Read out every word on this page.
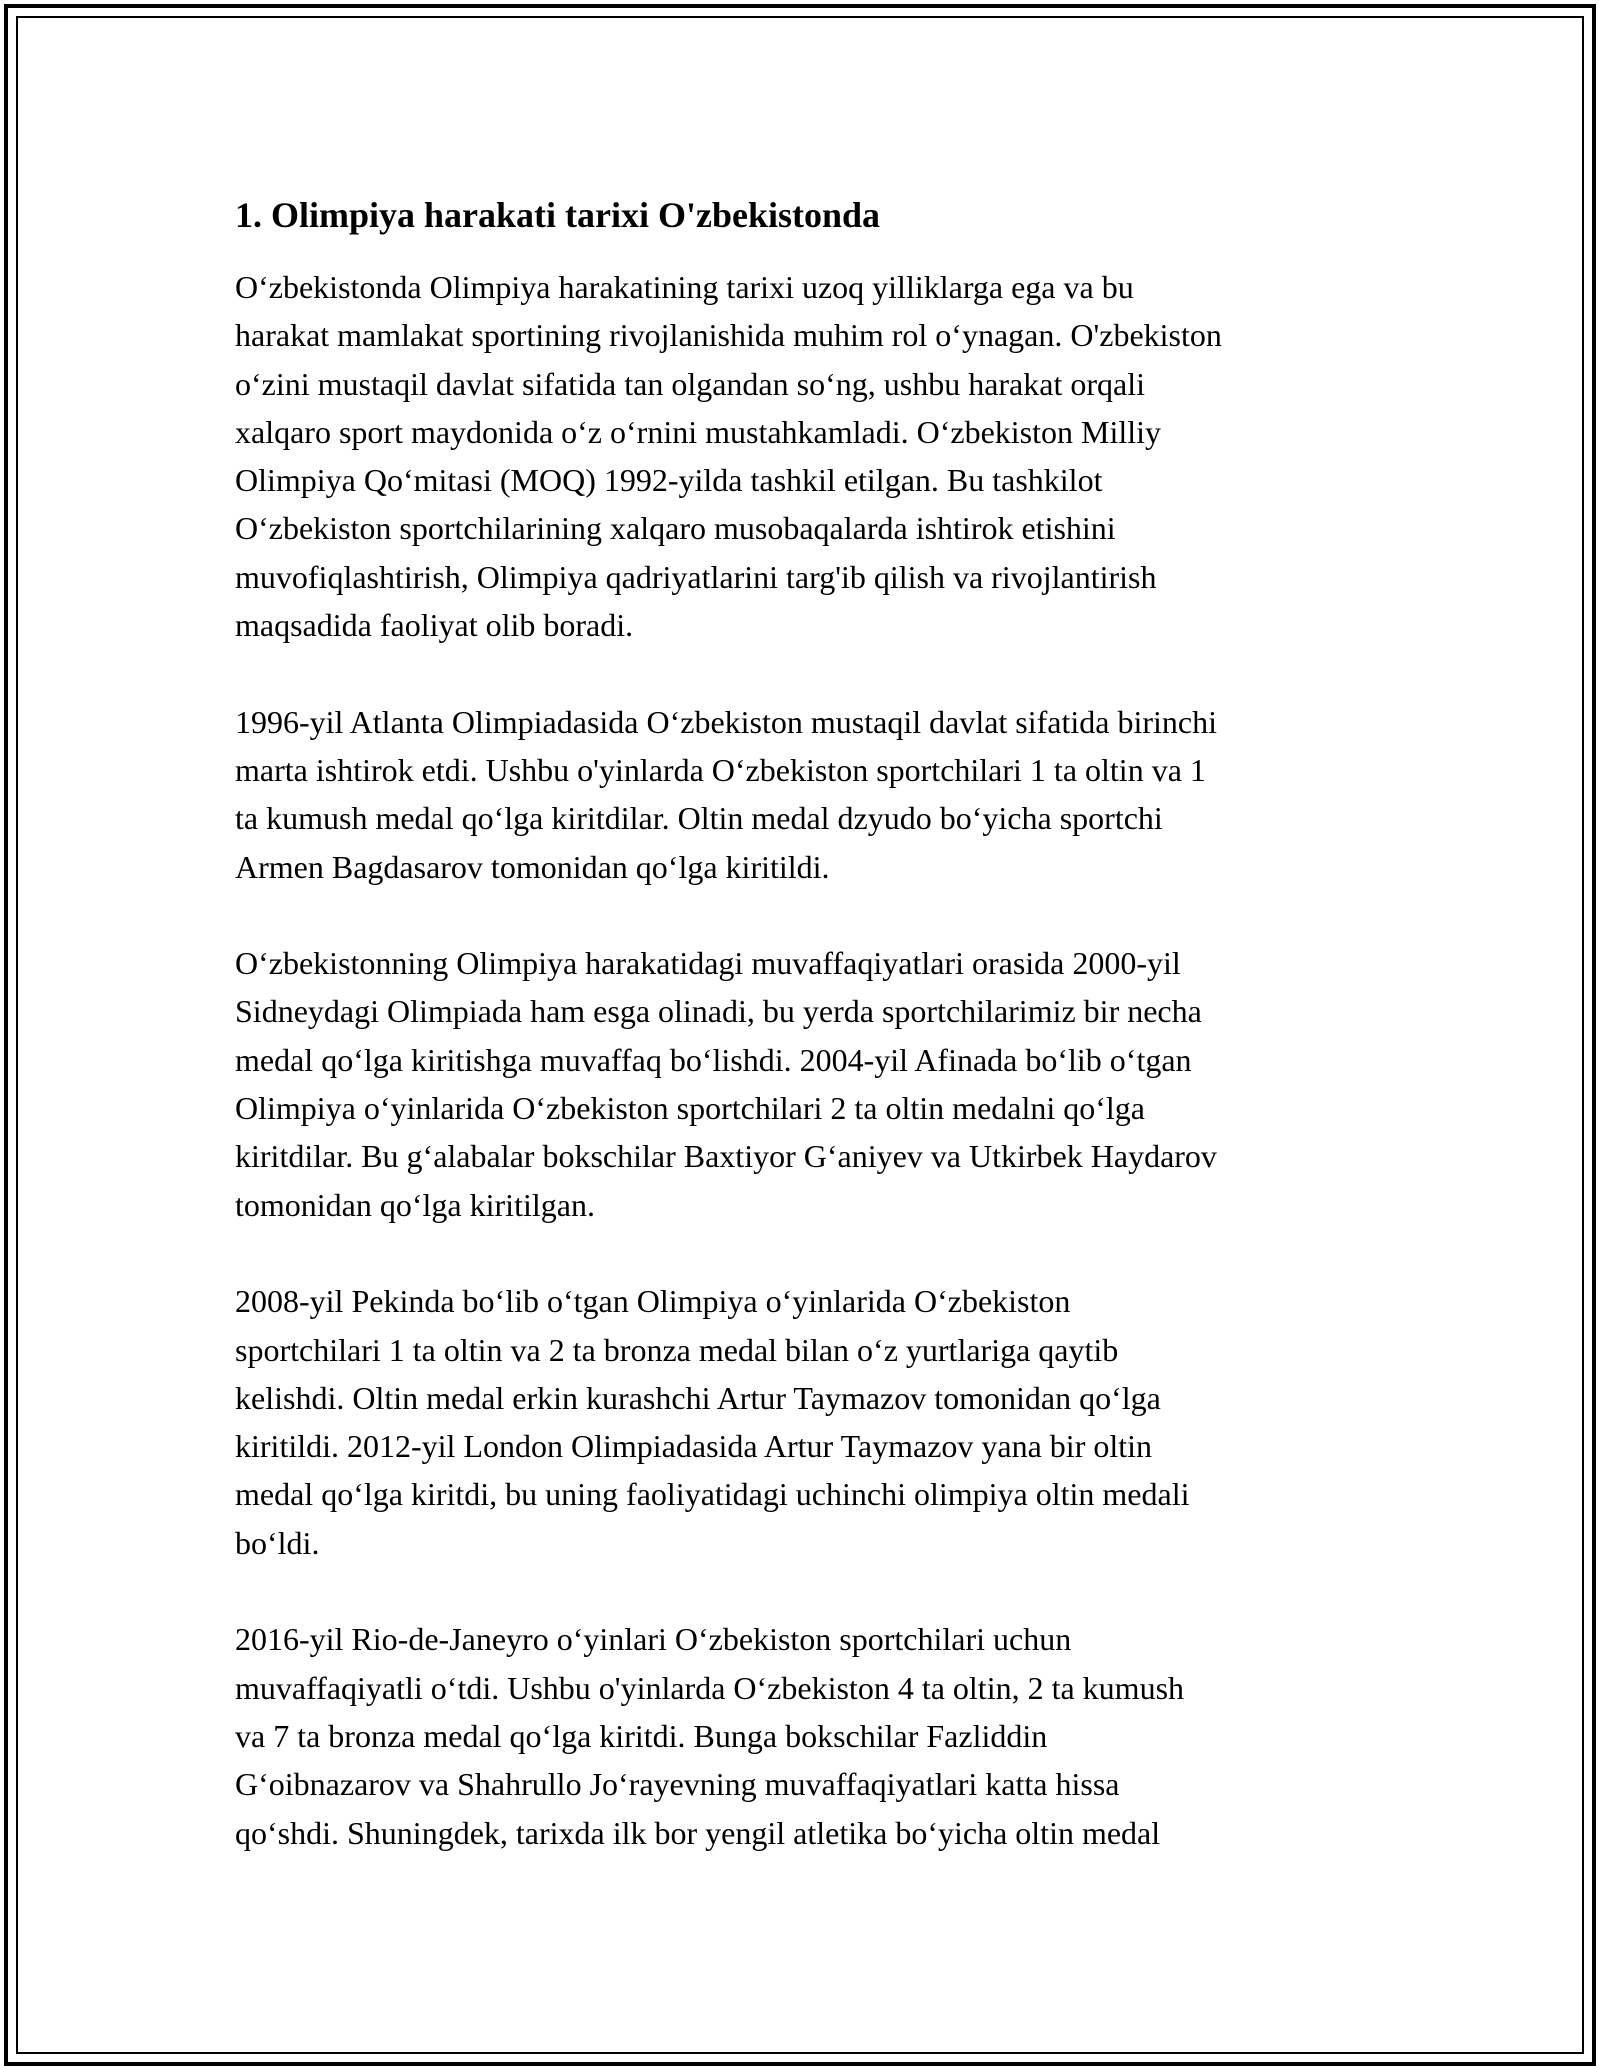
1. Olimpiya harakati tarixi O'zbekistonda

O‘zbekistonda Olimpiya harakatining tarixi uzoq yilliklarga ega va bu
harakat mamlakat sportining rivojlanishida muhim rol o‘ynagan. O'zbekiston
o‘zini mustaqil davlat sifatida tan olgandan so‘ng, ushbu harakat orqali
xalqaro sport maydonida o‘z o‘rnini mustahkamladi. O‘zbekiston Milliy
Olimpiya Qo‘mitasi (MOQ) 1992-yilda tashkil etilgan. Bu tashkilot
O‘zbekiston sportchilarining xalqaro musobaqalarda ishtirok etishini
muvofiqlashtirish, Olimpiya qadriyatlarini targ'ib qilish va rivojlantirish
maqsadida faoliyat olib boradi.

1996-yil Atlanta Olimpiadasida O‘zbekiston mustaqil davlat sifatida birinchi
marta ishtirok etdi. Ushbu o'yinlarda O‘zbekiston sportchilari 1 ta oltin va 1
ta kumush medal qo‘lga kiritdilar. Oltin medal dzyudo bo‘yicha sportchi
Armen Bagdasarov tomonidan qo‘lga kiritildi.

O‘zbekistonning Olimpiya harakatidagi muvaffaqiyatlari orasida 2000-yil
Sidneydagi Olimpiada ham esga olinadi, bu yerda sportchilarimiz bir necha
medal qo‘lga kiritishga muvaffaq bo‘lishdi. 2004-yil Afinada bo‘lib o‘tgan
Olimpiya o‘yinlarida O‘zbekiston sportchilari 2 ta oltin medalni qo‘lga
kiritdilar. Bu g‘alabalar bokschilar Baxtiyor G‘aniyev va Utkirbek Haydarov
tomonidan qo‘lga kiritilgan.

2008-yil Pekinda bo‘lib o‘tgan Olimpiya o‘yinlarida O‘zbekiston
sportchilari 1 ta oltin va 2 ta bronza medal bilan o‘z yurtlariga qaytib
kelishdi. Oltin medal erkin kurashchi Artur Taymazov tomonidan qo‘lga
kiritildi. 2012-yil London Olimpiadasida Artur Taymazov yana bir oltin
medal qo‘lga kiritdi, bu uning faoliyatidagi uchinchi olimpiya oltin medali
bo‘ldi.

2016-yil Rio-de-Janeyro o‘yinlari O‘zbekiston sportchilari uchun
muvaffaqiyatli o‘tdi. Ushbu o'yinlarda O‘zbekiston 4 ta oltin, 2 ta kumush
va 7 ta bronza medal qo‘lga kiritdi. Bunga bokschilar Fazliddin
G‘oibnazarov va Shahrullo Jo‘rayevning muvaffaqiyatlari katta hissa
qo‘shdi. Shuningdek, tarixda ilk bor yengil atletika bo‘yicha oltin medal
